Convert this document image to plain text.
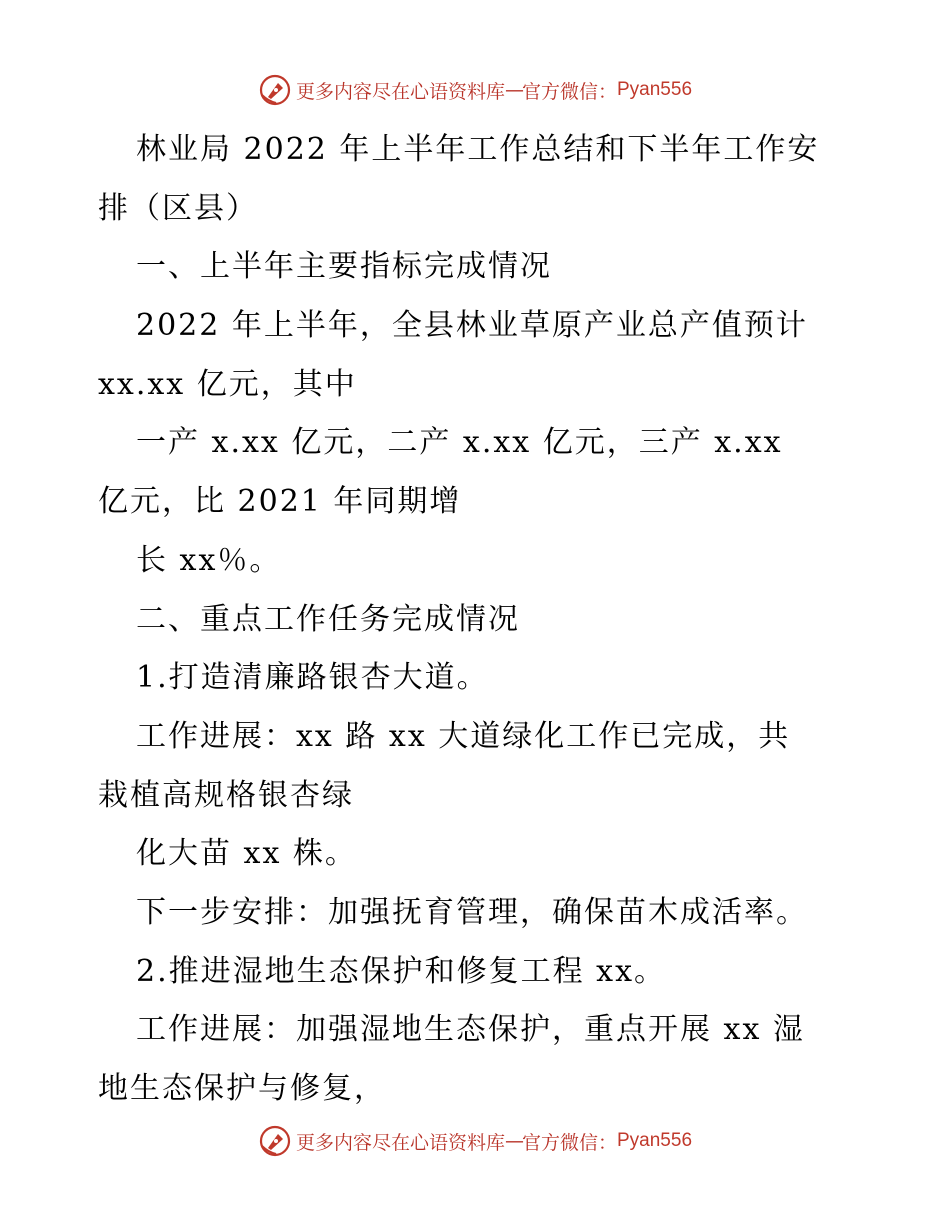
更多内容尽在心语资料库 — 官方微信： Pyan556
林业局 2022 年上半年工作总结和下半年工作安
排（区县）
一、上半年主要指标完成情况
2022 年上半年，全县林业草原产业总产值预计
xx.xx 亿元，其中
一产 x.xx 亿元，二产 x.xx 亿元，三产 x.xx
亿元，比 2021 年同期增
长 xx％。
二、重点工作任务完成情况
1.打造清廉路银杏大道。
工作进展：xx 路 xx 大道绿化工作已完成，共
栽植高规格银杏绿
化大苗 xx 株。
下一步安排：加强抚育管理，确保苗木成活率。
2.推进湿地生态保护和修复工程 xx。
工作进展：加强湿地生态保护，重点开展 xx 湿
地生态保护与修复，
更多内容尽在心语资料库 — 官方微信： Pyan556
